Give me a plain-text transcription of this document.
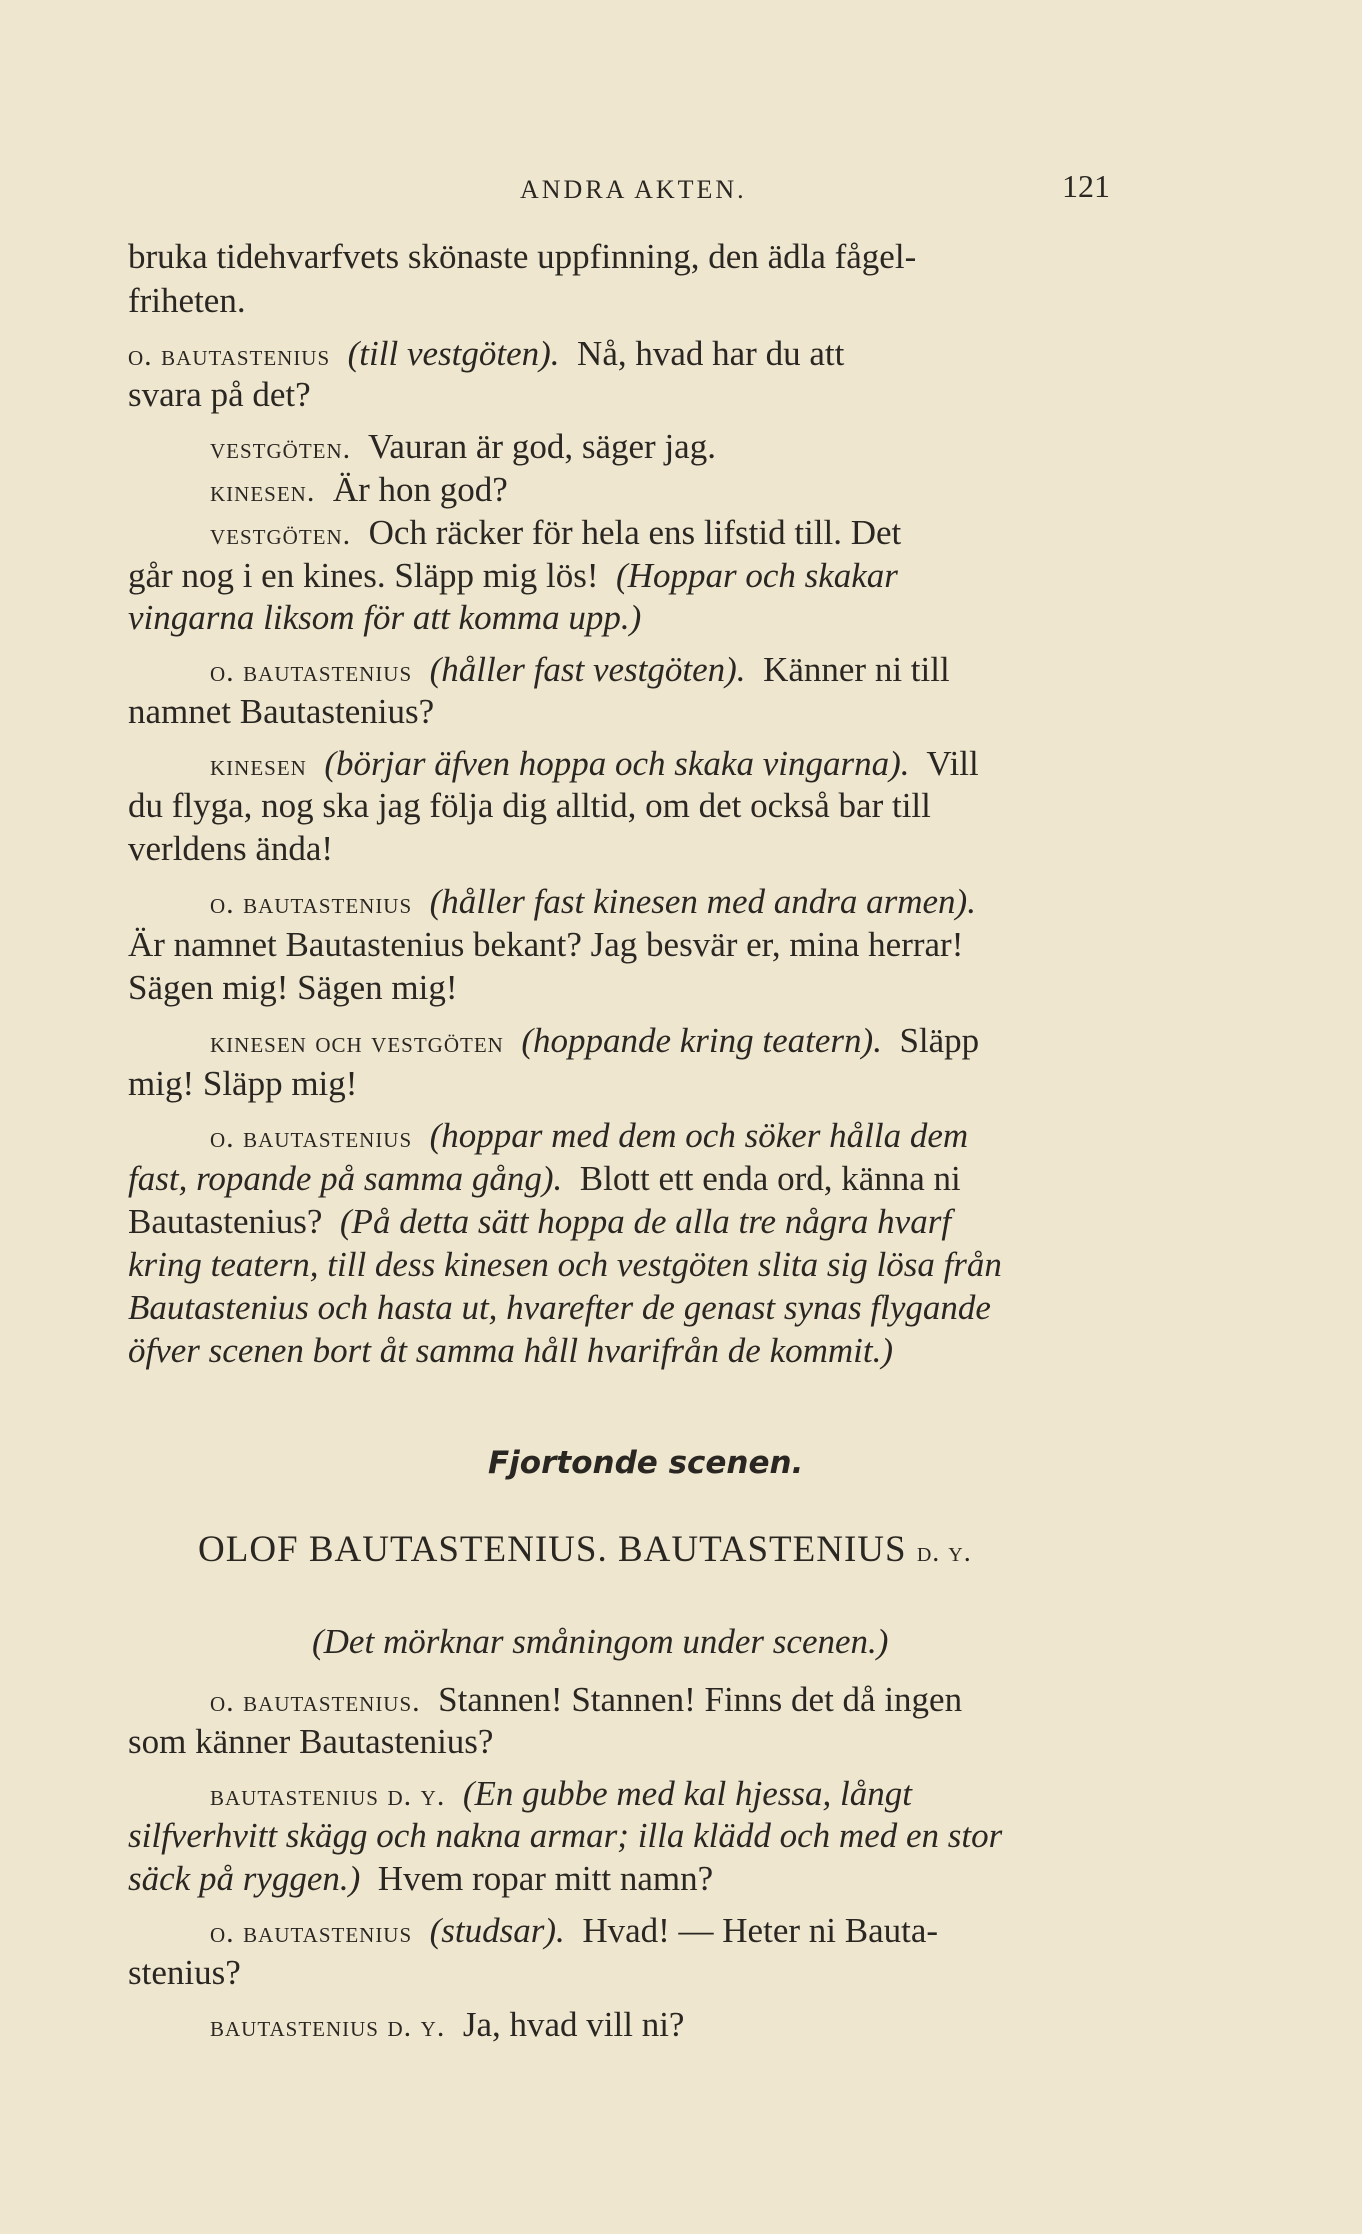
ANDRA AKTEN.	121
bruka tidehvarfvets skönaste uppfinning, den ädla fågel-
friheten.
o. bautastenius (till vestgöten). Nå, hvad har du att
svara på det?
vestgöten. Vauran är god, säger jag.
kinesen. Är hon god?
vestgöten. Och räcker för hela ens lifstid till. Det
går nog i en kines. Släpp mig lös! (Hoppar och skakar
vingarna liksom för att komma upp.)
o. bautastenius (håller fast vestgöten). Känner ni till
namnet Bautastenius?
kinesen (börjar äfven hoppa och skaka vingarna). Vill
du flyga, nog ska jag följa dig alltid, om det också bar till
verldens ända!
o. bautastenius (håller fast kinesen med andra armen).
Är namnet Bautastenius bekant? Jag besvär er, mina herrar!
Sägen mig! Sägen mig!
kinesen och vestgöten (hoppande kring teatern). Släpp
mig! Släpp mig!
o. bautastenius (hoppar med dem och söker hålla dem
fast, ropande på samma gång). Blott ett enda ord, känna ni
Bautastenius? (På detta sätt hoppa de alla tre några hvarf
kring teatern, till dess kinesen och vestgöten slita sig lösa från
Bautastenius och hasta ut, hvarefter de genast synas flygande
öfver scenen bort åt samma håll hvarifrån de kommit.)
Fjortonde scenen.
OLOF BAUTASTENIUS. BAUTASTENIUS d. y.
(Det mörknar småningom under scenen.)
o. bautastenius. Stannen! Stannen! Finns det då ingen
som känner Bautastenius?
bautastenius d. y. (En gubbe med kal hjessa, långt
silfverhvitt skägg och nakna armar; illa klädd och med en stor
säck på ryggen.) Hvem ropar mitt namn?
o. bautastenius (studsar). Hvad! — Heter ni Bauta-
stenius?
bautastenius d. y. Ja, hvad vill ni?
